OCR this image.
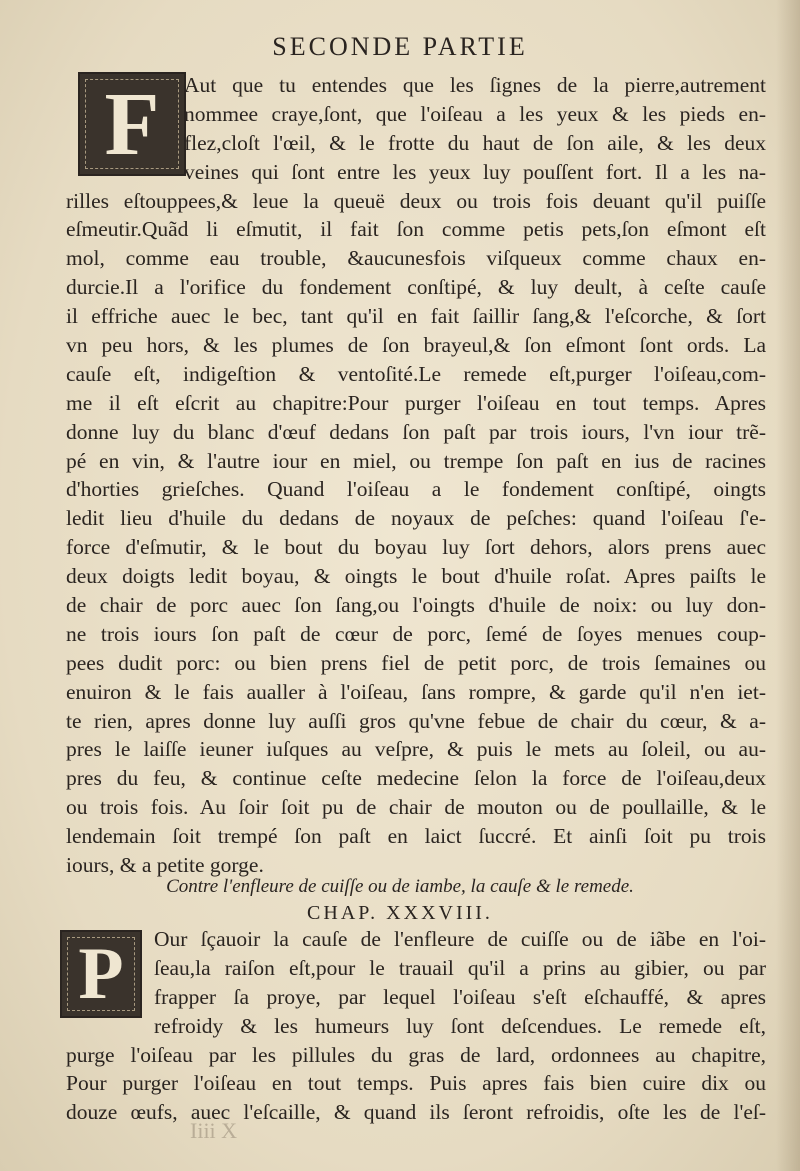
SECONDE PARTIE
F	Aut que tu entendes que les ſignes de la pierre,autrement
nommee craye,ſont, que l'oiſeau a les yeux & les pieds en-
flez,cloſt l'œil, & le frotte du haut de ſon aile, & les deux
veines qui ſont entre les yeux luy pouſſent fort. Il a les na-
rilles eſtouppees,& leue la queuë deux ou trois fois deuant qu'il puiſſe
eſmeutir.Quãd li eſmutit, il fait ſon comme petis pets,ſon eſmont eſt
mol, comme eau trouble, &aucunesfois viſqueux comme chaux en-
durcie.Il a l'orifice du fondement conſtipé, & luy deult, à ceſte cauſe
il effriche auec le bec, tant qu'il en fait ſaillir ſang,& l'eſcorche, & ſort
vn peu hors, & les plumes de ſon brayeul,& ſon eſmont ſont ords. La
cauſe eſt, indigeſtion & ventoſité.Le remede eſt,purger l'oiſeau,com-
me il eſt eſcrit au chapitre:Pour purger l'oiſeau en tout temps. Apres
donne luy du blanc d'œuf dedans ſon paſt par trois iours, l'vn iour trẽ-
pé en vin, & l'autre iour en miel, ou trempe ſon paſt en ius de racines
d'horties grieſches. Quand l'oiſeau a le fondement conſtipé, oingts
ledit lieu d'huile du dedans de noyaux de peſches: quand l'oiſeau ſ'e-
force d'eſmutir, & le bout du boyau luy ſort dehors, alors prens auec
deux doigts ledit boyau, & oingts le bout d'huile roſat. Apres paiſts le
de chair de porc auec ſon ſang,ou l'oingts d'huile de noix: ou luy don-
ne trois iours ſon paſt de cœur de porc, ſemé de ſoyes menues coup-
pees dudit porc: ou bien prens fiel de petit porc, de trois ſemaines ou
enuiron & le fais aualler à l'oiſeau, ſans rompre, & garde qu'il n'en iet-
te rien, apres donne luy auſſi gros qu'vne febue de chair du cœur, & a-
pres le laiſſe ieuner iuſques au veſpre, & puis le mets au ſoleil, ou au-
pres du feu, & continue ceſte medecine ſelon la force de l'oiſeau,deux
ou trois fois. Au ſoir ſoit pu de chair de mouton ou de poullaille, & le
lendemain ſoit trempé ſon paſt en laict ſuccré. Et ainſi ſoit pu trois
iours, & a petite gorge.
Contre l'enfleure de cuiſſe ou de iambe, la cauſe & le remede.
CHAP. XXXVIII.
P	Our ſçauoir la cauſe de l'enfleure de cuiſſe ou de iãbe en l'oi-
ſeau,la raiſon eſt,pour le trauail qu'il a prins au gibier, ou par
frapper ſa proye, par lequel l'oiſeau s'eſt eſchauffé, & apres
refroidy & les humeurs luy ſont deſcendues. Le remede eſt,
purge l'oiſeau par les pillules du gras de lard, ordonnees au chapitre,
Pour purger l'oiſeau en tout temps. Puis apres fais bien cuire dix ou
douze œufs, auec l'eſcaille, & quand ils ſeront refroidis, oſte les de l'eſ-
Iiii X
